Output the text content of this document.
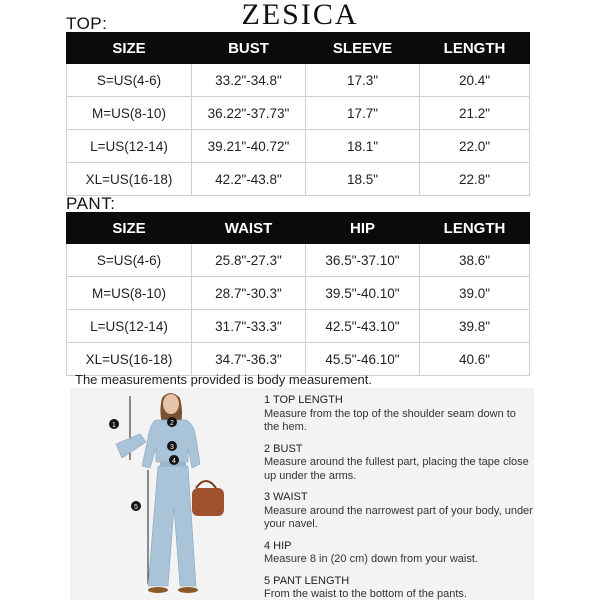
ZESICA
TOP:
SIZE	BUST	SLEEVE	LENGTH
S=US(4-6)	33.2"-34.8"	17.3"	20.4"
M=US(8-10)	36.22"-37.73"	17.7"	21.2"
L=US(12-14)	39.21"-40.72"	18.1"	22.0"
XL=US(16-18)	42.2"-43.8"	18.5"	22.8"
PANT:
SIZE	WAIST	HIP	LENGTH
S=US(4-6)	25.8"-27.3"	36.5"-37.10"	38.6"
M=US(8-10)	28.7"-30.3"	39.5"-40.10"	39.0"
L=US(12-14)	31.7"-33.3"	42.5"-43.10"	39.8"
XL=US(16-18)	34.7"-36.3"	45.5"-46.10"	40.6"
The measurements provided is body measurement.
1	2
3
4
5
1 TOP LENGTH
Measure from the top of the shoulder seam down to the hem.
2 BUST
Measure around the fullest part, placing the tape close up under the arms.
3 WAIST
Measure around the narrowest part of your body, under your navel.
4 HIP
Measure 8 in (20 cm) down from your waist.
5 PANT LENGTH
From the waist to the bottom of the pants.
